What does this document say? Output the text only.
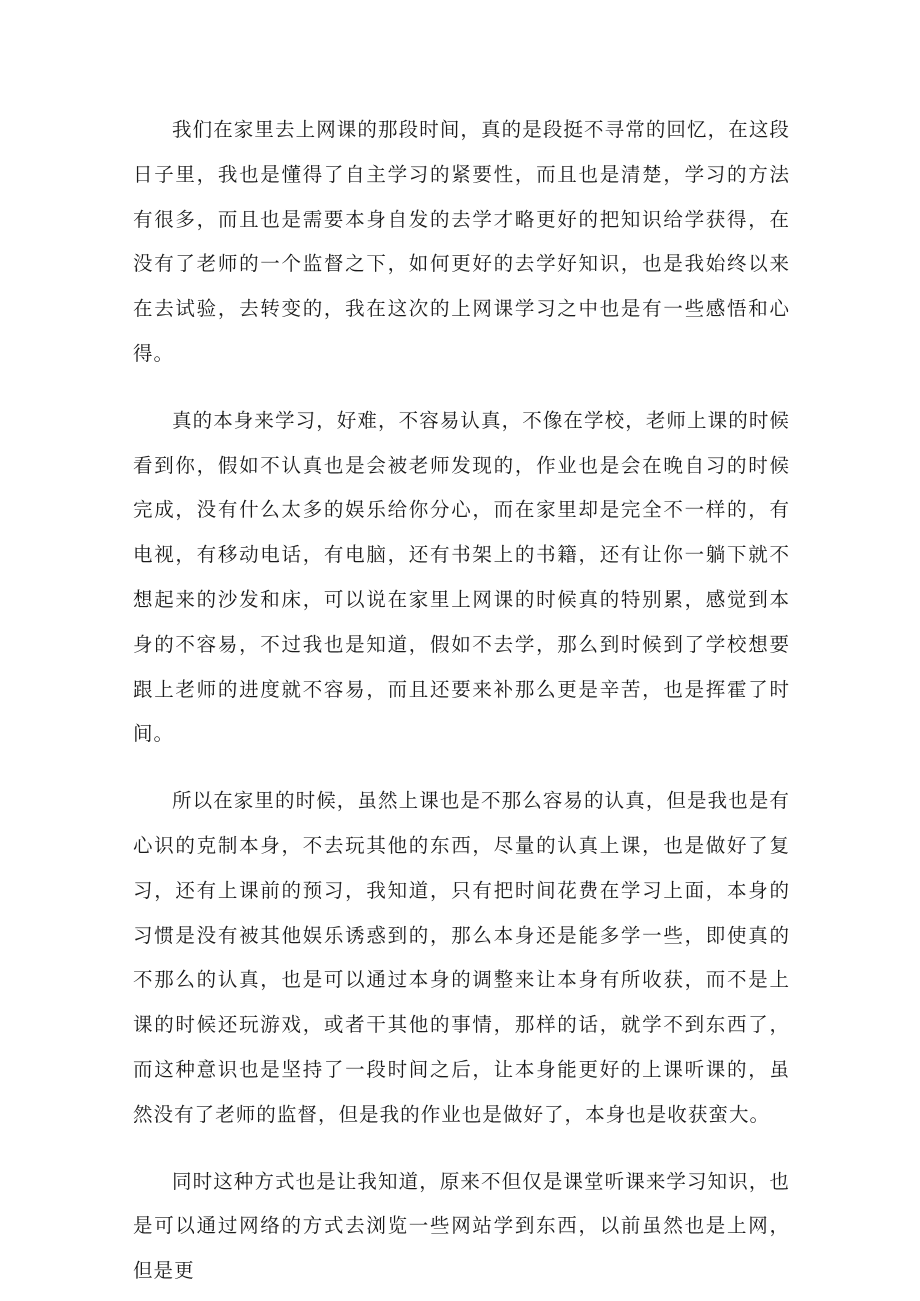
我们在家里去上网课的那段时间，真的是段挺不寻常的回忆，在这段日子里，我也是懂得了自主学习的紧要性，而且也是清楚，学习的方法有很多，而且也是需要本身自发的去学才略更好的把知识给学获得，在没有了老师的一个监督之下，如何更好的去学好知识，也是我始终以来在去试验，去转变的，我在这次的上网课学习之中也是有一些感悟和心得。

真的本身来学习，好难，不容易认真，不像在学校，老师上课的时候看到你，假如不认真也是会被老师发现的，作业也是会在晚自习的时候完成，没有什么太多的娱乐给你分心，而在家里却是完全不一样的，有电视，有移动电话，有电脑，还有书架上的书籍，还有让你一躺下就不想起来的沙发和床，可以说在家里上网课的时候真的特别累，感觉到本身的不容易，不过我也是知道，假如不去学，那么到时候到了学校想要跟上老师的进度就不容易，而且还要来补那么更是辛苦，也是挥霍了时间。

所以在家里的时候，虽然上课也是不那么容易的认真，但是我也是有心识的克制本身，不去玩其他的东西，尽量的认真上课，也是做好了复习，还有上课前的预习，我知道，只有把时间花费在学习上面，本身的习惯是没有被其他娱乐诱惑到的，那么本身还是能多学一些，即使真的不那么的认真，也是可以通过本身的调整来让本身有所收获，而不是上课的时候还玩游戏，或者干其他的事情，那样的话，就学不到东西了，而这种意识也是坚持了一段时间之后，让本身能更好的上课听课的，虽然没有了老师的监督，但是我的作业也是做好了，本身也是收获蛮大。

同时这种方式也是让我知道，原来不但仅是课堂听课来学习知识，也是可以通过网络的方式去浏览一些网站学到东西，以前虽然也是上网，但是更
